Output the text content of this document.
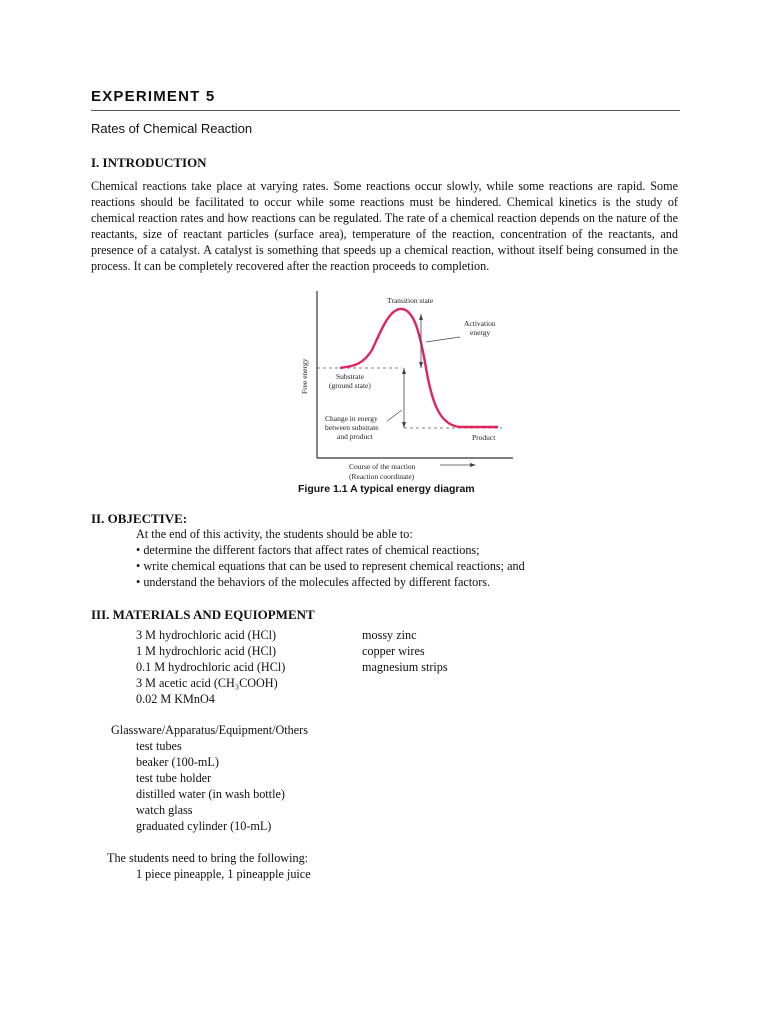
EXPERIMENT 5
Rates of Chemical Reaction
I. INTRODUCTION
Chemical reactions take place at varying rates. Some reactions occur slowly, while some reactions are rapid. Some reactions should be facilitated to occur while some reactions must be hindered. Chemical kinetics is the study of chemical reaction rates and how reactions can be regulated. The rate of a chemical reaction depends on the nature of the reactants, size of reactant particles (surface area), temperature of the reaction, concentration of the reactants, and presence of a catalyst. A catalyst is something that speeds up a chemical reaction, without itself being consumed in the process. It can be completely recovered after the reaction proceeds to completion.
Transition state
Activation
energy
Substrate
(ground state)
Change in energy
between substrate
and product	Product
Course of the reaction
(Reaction coordinate)
Free energy
Figure 1.1 A typical energy diagram
II. OBJECTIVE:
At the end of this activity, the students should be able to:
• determine the different factors that affect rates of chemical reactions;
• write chemical equations that can be used to represent chemical reactions; and
• understand the behaviors of the molecules affected by different factors.
III. MATERIALS AND EQUIOPMENT
3 M hydrochloric acid (HCl)
1 M hydrochloric acid (HCl)
0.1 M hydrochloric acid (HCl)
3 M acetic acid (CH₃COOH)
0.02 M KMnO4
mossy zinc
copper wires
magnesium strips
Glassware/Apparatus/Equipment/Others
test tubes
beaker (100-mL)
test tube holder
distilled water (in wash bottle)
watch glass
graduated cylinder (10-mL)
The students need to bring the following:
1 piece pineapple, 1 pineapple juice
